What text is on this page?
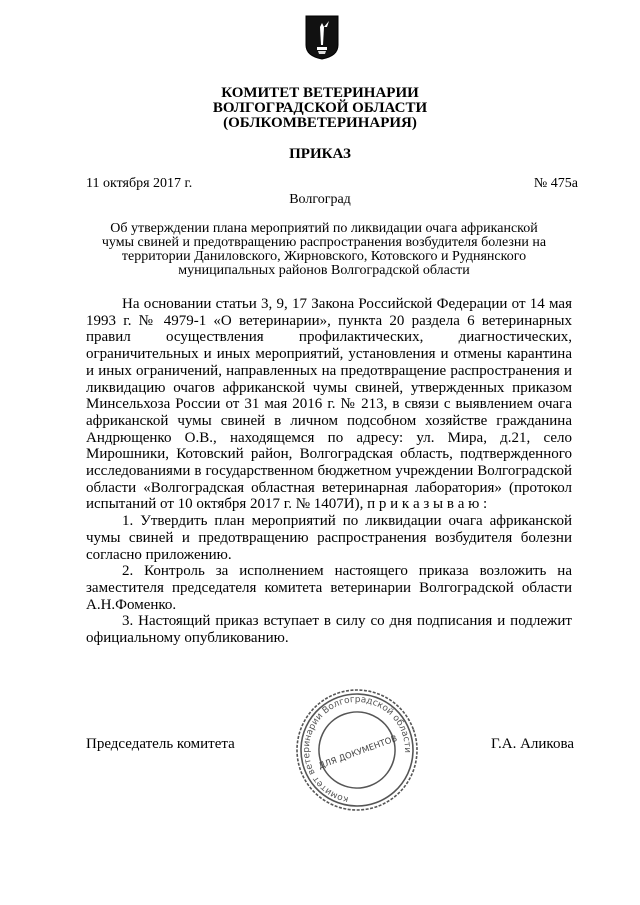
КОМИТЕТ ВЕТЕРИНАРИИ
ВОЛГОГРАДСКОЙ ОБЛАСТИ
(ОБЛКОМВЕТЕРИНАРИЯ)
ПРИКАЗ
11 октября 2017 г.	№ 475а
Волгоград
Об утверждении плана мероприятий по ликвидации очага африканской
чумы свиней и предотвращению распространения возбудителя болезни на
территории Даниловского, Жирновского, Котовского и Руднянского
муниципальных районов Волгоградской области

На основании статьи 3, 9, 17 Закона Российской Федерации от 14 мая 1993 г. № 4979-1 «О ветеринарии», пункта 20 раздела 6 ветеринарных правил осуществления профилактических, диагностических, ограничительных и иных мероприятий, установления и отмены карантина и иных ограничений, направленных на предотвращение распространения и ликвидацию очагов африканской чумы свиней, утвержденных приказом Минсельхоза России от 31 мая 2016 г. № 213, в связи с выявлением очага африканской чумы свиней в личном подсобном хозяйстве гражданина Андрющенко О.В., находящемся по адресу: ул. Мира, д.21, село Мирошники, Котовский район, Волгоградская область, подтвержденного исследованиями в государственном бюджетном учреждении Волгоградской области «Волгоградская областная ветеринарная лаборатория» (протокол испытаний от 10 октября 2017 г. № 1407И), п р и к а з ы в а ю :

1. Утвердить план мероприятий по ликвидации очага африканской чумы свиней и предотвращению распространения возбудителя болезни согласно приложению.

2. Контроль за исполнением настоящего приказа возложить на заместителя председателя комитета ветеринарии Волгоградской области А.Н.Фоменко.

3. Настоящий приказ вступает в силу со дня подписания и подлежит официальному опубликованию.

Председатель комитета	Г.А. Аликова
комитет ветеринарии Волгоградской области
ДЛЯ ДОКУМЕНТОВ
